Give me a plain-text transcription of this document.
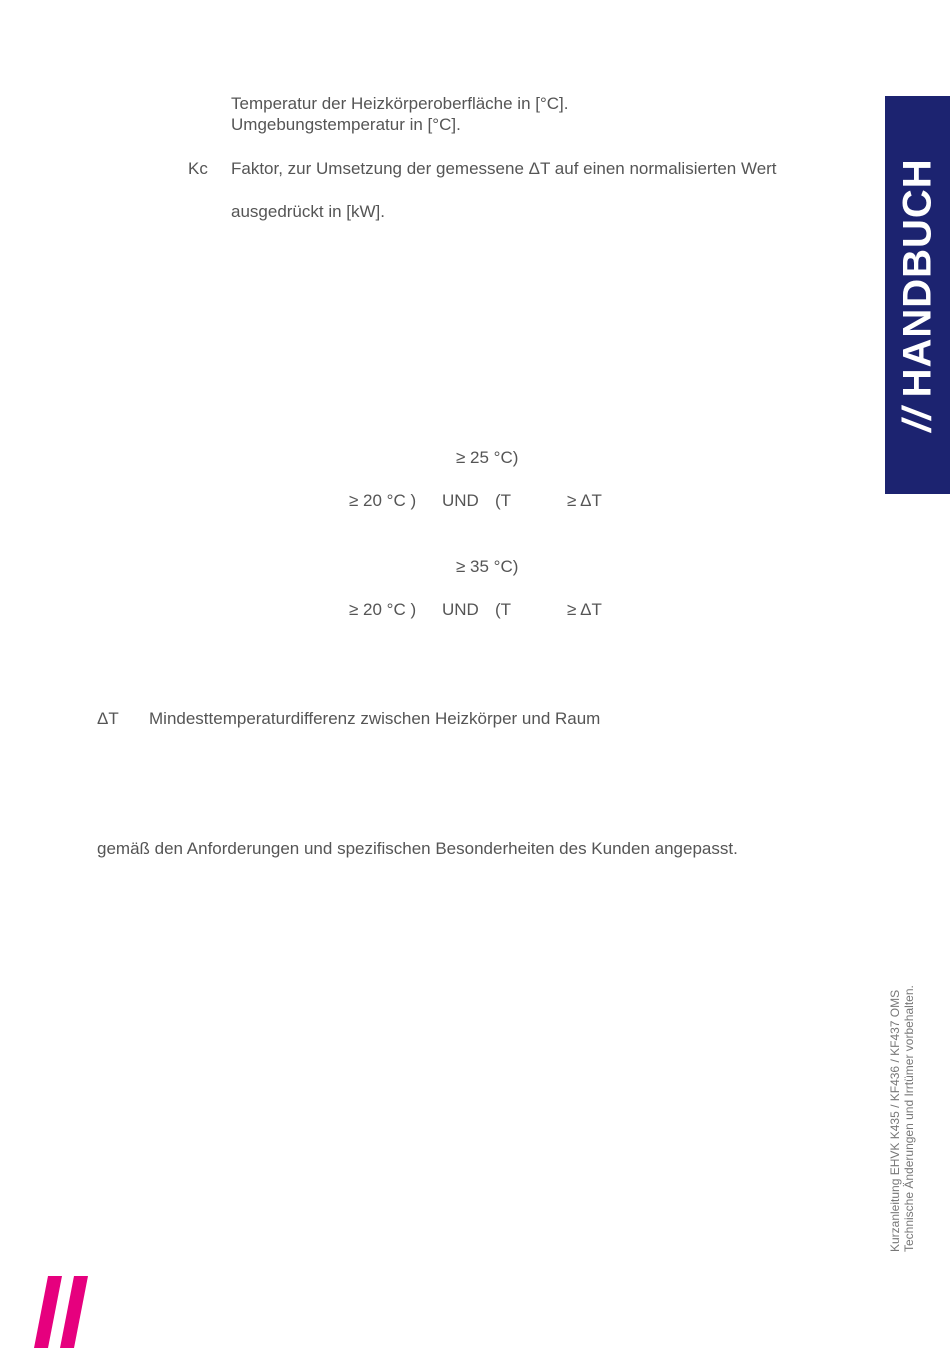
Temperatur der Heizkörperoberfläche in [°C].
Umgebungstemperatur in [°C].
Kc Faktor, zur Umsetzung der gemessene ΔT auf einen normalisierten Wert
ausgedrückt in [kW].
≥ 25 °C)
≥ 20 °C ) UND (T	≥ ΔT
≥ 35 °C)
≥ 20 °C ) UND (T	≥ ΔT
ΔT Mindesttemperaturdifferenz zwischen Heizkörper und Raum
gemäß den Anforderungen und spezifischen Besonderheiten des Kunden angepasst.
//HANDBUCH
Kurzanleitung EHVK K435 / KF436 / KF437 OMS Technische Änderungen und Irrtümer vorbehalten.
